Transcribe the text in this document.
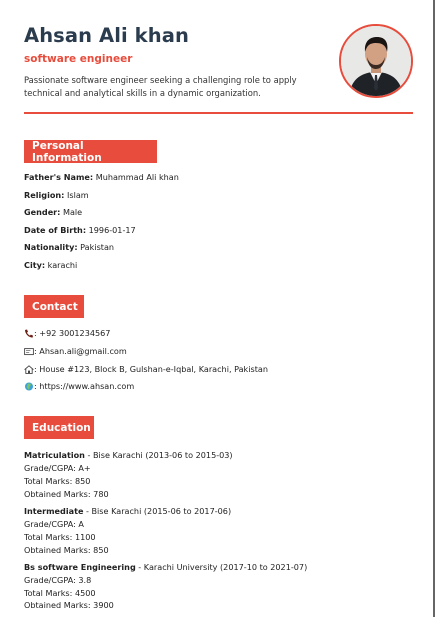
Ahsan Ali khan
software engineer
Passionate software engineer seeking a challenging role to apply technical and analytical skills in a dynamic organization.
Personal Information
Father's Name: Muhammad Ali khan
Religion: Islam
Gender: Male
Date of Birth: 1996-01-17
Nationality: Pakistan
City: karachi
Contact
: +92 3001234567
: Ahsan.ali@gmail.com
: House #123, Block B, Gulshan-e-Iqbal, Karachi, Pakistan
: https://www.ahsan.com
Education
Matriculation - Bise Karachi (2013-06 to 2015-03)
Grade/CGPA: A+
Total Marks: 850
Obtained Marks: 780
Intermediate - Bise Karachi (2015-06 to 2017-06)
Grade/CGPA: A
Total Marks: 1100
Obtained Marks: 850
Bs software Engineering - Karachi University (2017-10 to 2021-07)
Grade/CGPA: 3.8
Total Marks: 4500
Obtained Marks: 3900
